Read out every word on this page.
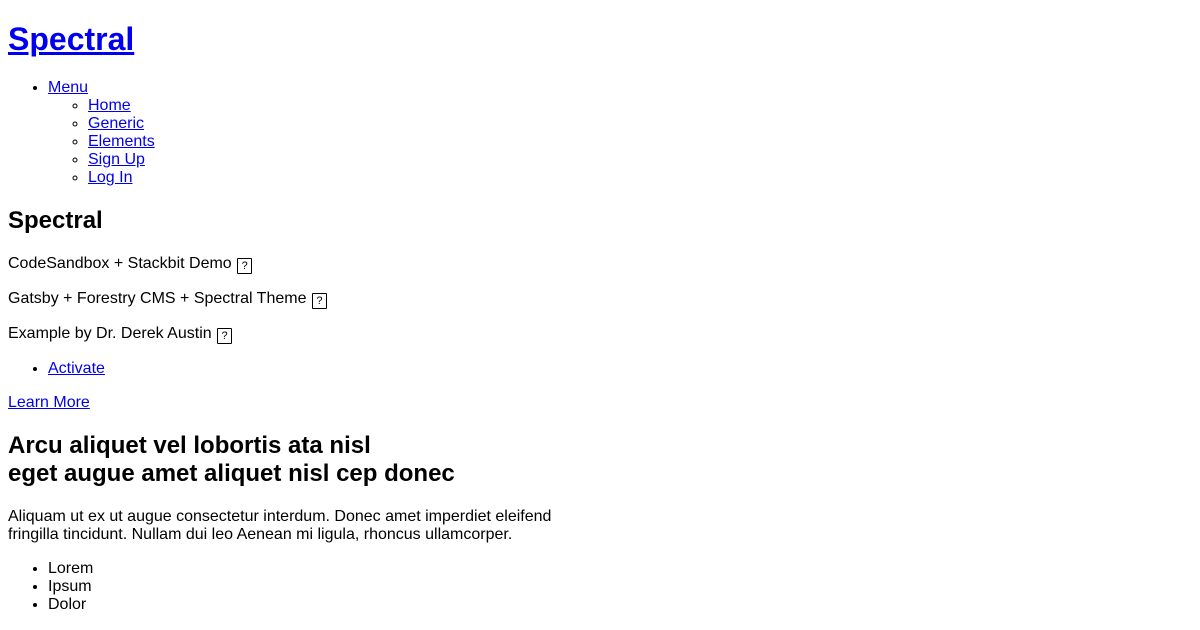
Spectral
• Menu
◦ Home
◦ Generic
◦ Elements
◦ Sign Up
◦ Log In
Spectral

CodeSandbox + Stackbit Demo ?

Gatsby + Forestry CMS + Spectral Theme ?

Example by Dr. Derek Austin ?

• Activate

Learn More

Arcu aliquet vel lobortis ata nisl
eget augue amet aliquet nisl cep donec

Aliquam ut ex ut augue consectetur interdum. Donec amet imperdiet eleifend
fringilla tincidunt. Nullam dui leo Aenean mi ligula, rhoncus ullamcorper.

• Lorem
• Ipsum
• Dolor
